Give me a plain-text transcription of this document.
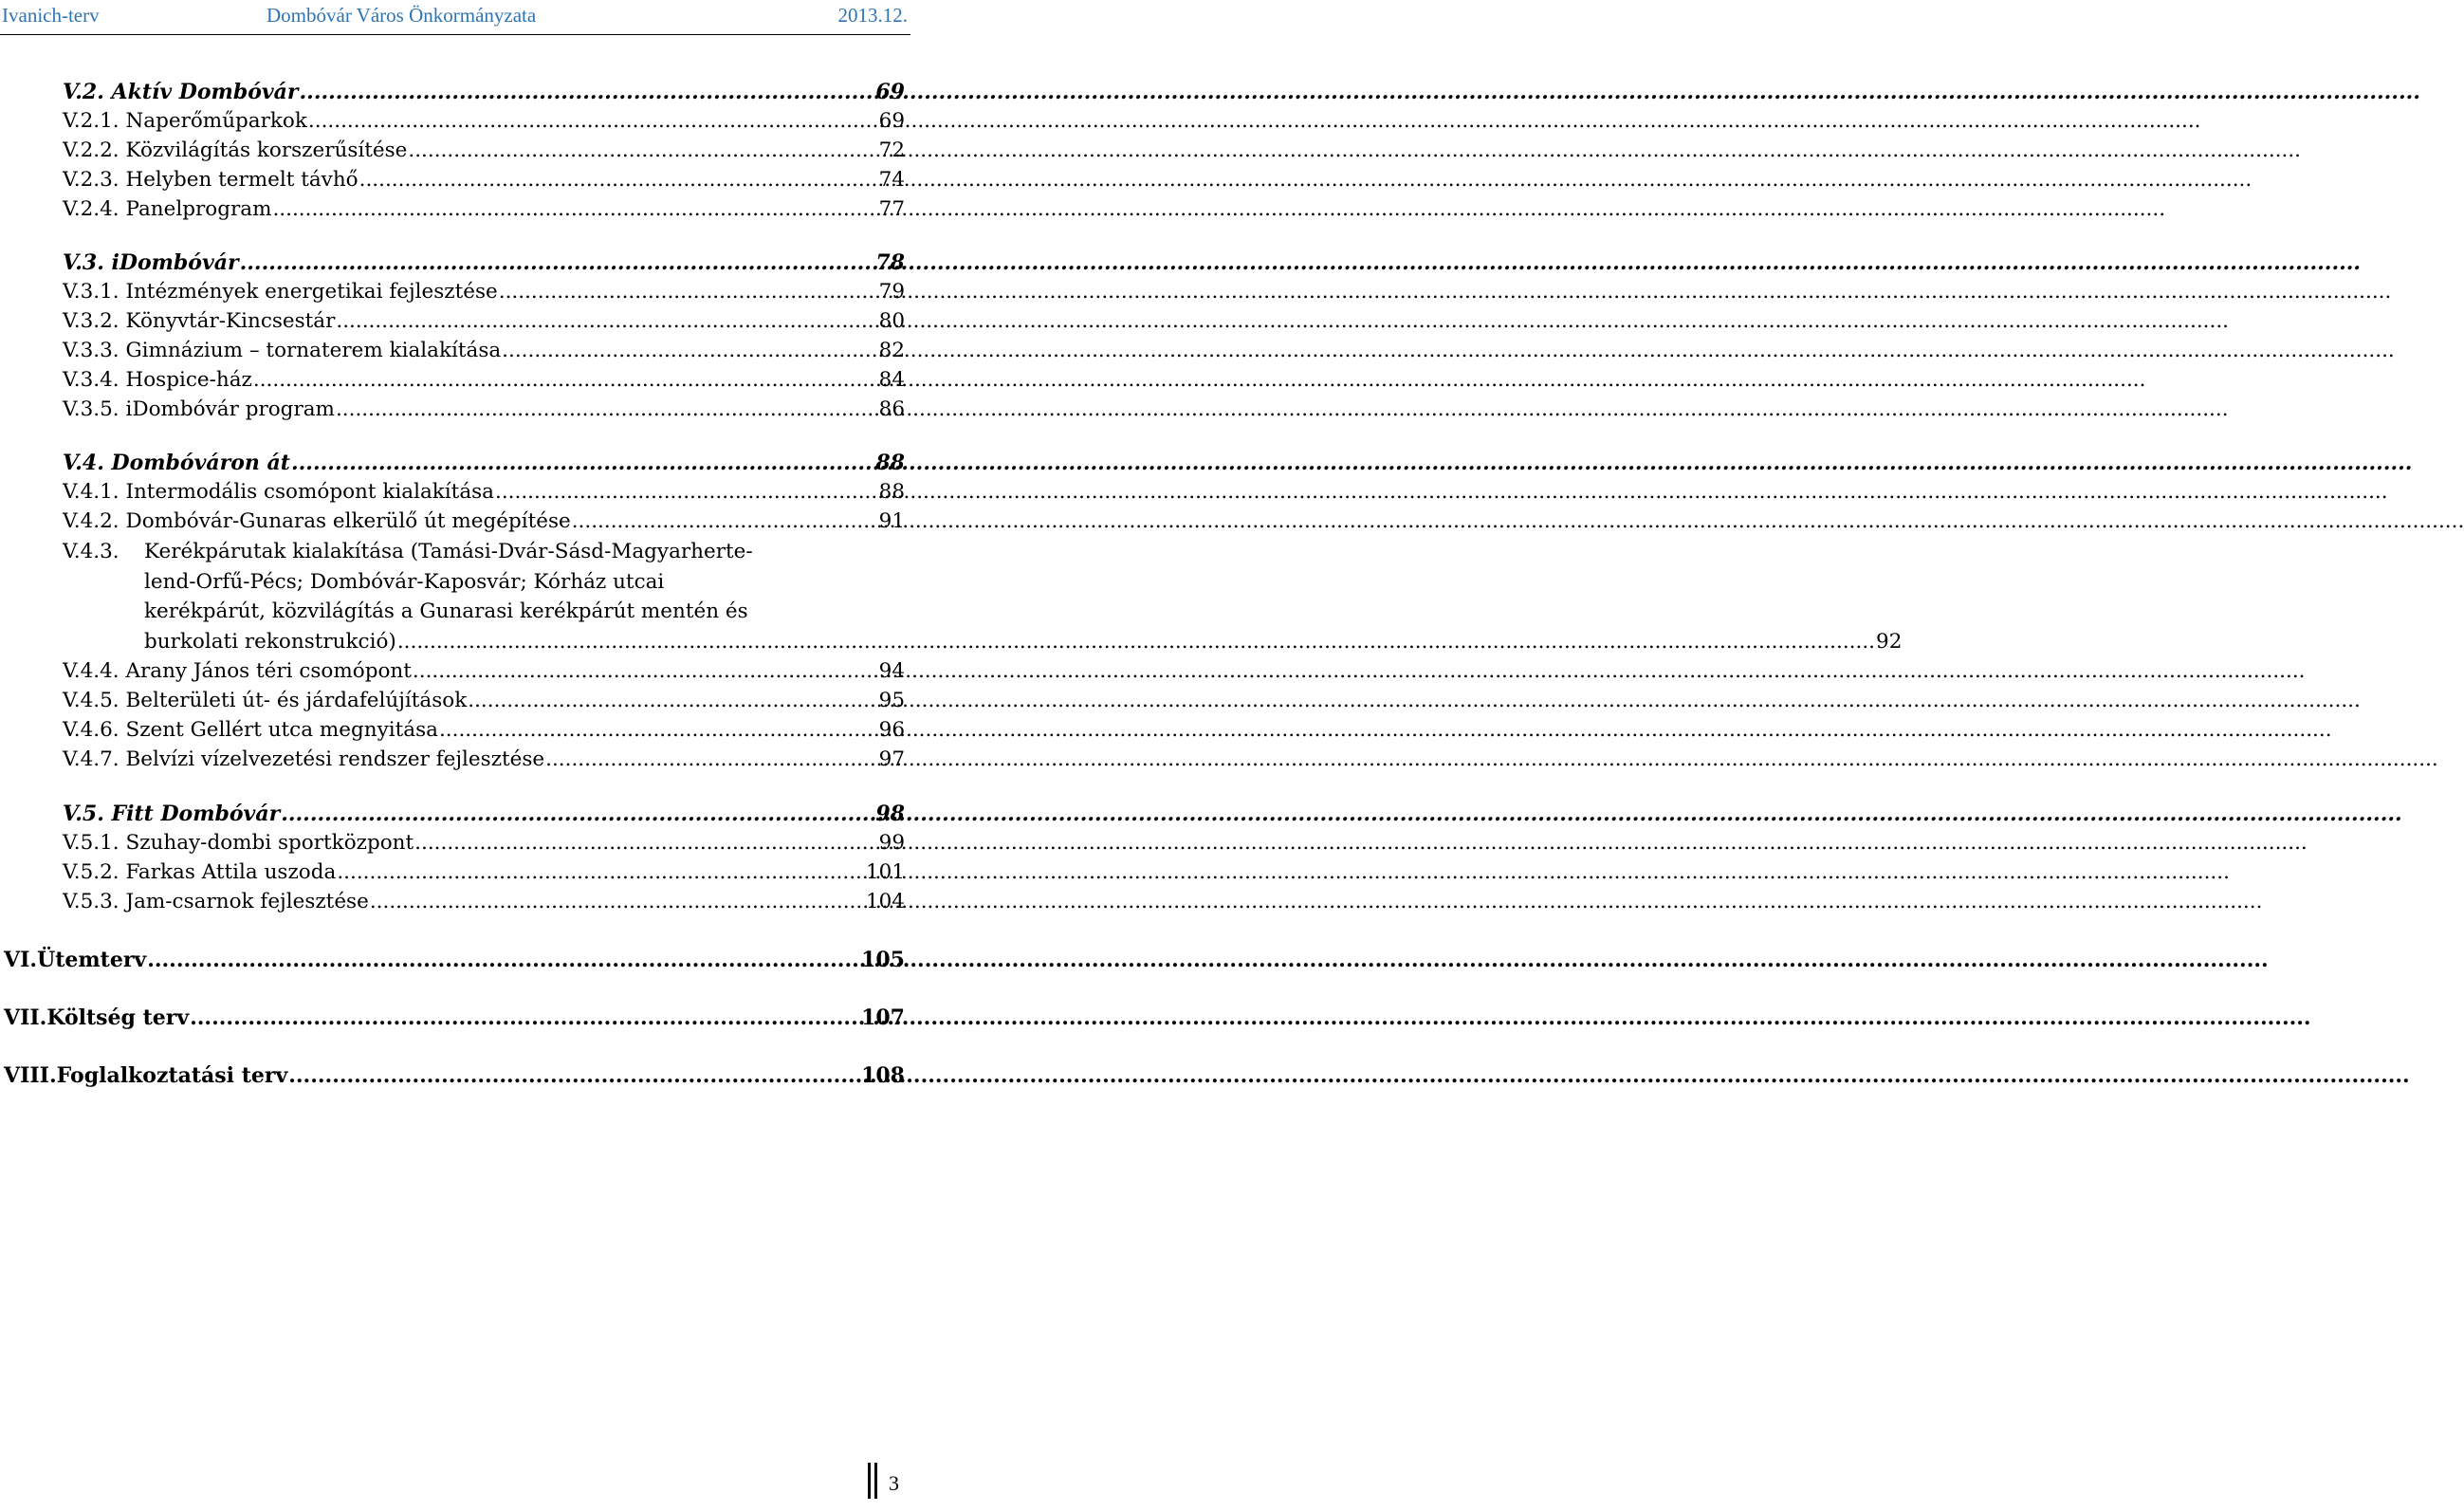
Ivanich-terv	Dombóvár Város Önkormányzata	2013.12.
V.2. Aktív Dombóvár .....	69
V.2.1. Naperőműparkok .....	69
V.2.2. Közvilágítás korszerűsítése .....	72
V.2.3. Helyben termelt távhő .....	74
V.2.4. Panelprogram .....	77
V.3. iDombóvár .....	78
V.3.1. Intézmények energetikai fejlesztése .....	79
V.3.2. Könyvtár-Kincsestár .....	80
V.3.3. Gimnázium – tornaterem kialakítása .....	82
V.3.4. Hospice-ház .....	84
V.3.5. iDombóvár program .....	86
V.4. Dombóváron át .....	88
V.4.1. Intermodális csomópont kialakítása .....	88
V.4.2. Dombóvár-Gunaras elkerülő út megépítése .....	91
V.4.3. Kerékpárutak kialakítása (Tamási-Dvár-Sásd-Magyarherte-
lend-Orfű-Pécs; Dombóvár-Kaposvár; Kórház utcai
kerékpárút, közvilágítás a Gunarasi kerékpárút mentén és
burkolati rekonstrukció) .....	92
V.4.4. Arany János téri csomópont .....	94
V.4.5. Belterületi út- és járdafelújítások .....	95
V.4.6. Szent Gellért utca megnyitása .....	96
V.4.7. Belvízi vízelvezetési rendszer fejlesztése .....	97
V.5. Fitt Dombóvár .....	98
V.5.1. Szuhay-dombi sportközpont .....	99
V.5.2. Farkas Attila uszoda .....	101
V.5.3. Jam-csarnok fejlesztése .....	104
VI. Ütemterv .....	105
VII. Költség terv .....	107
VIII. Foglalkoztatási terv .....	108
3
